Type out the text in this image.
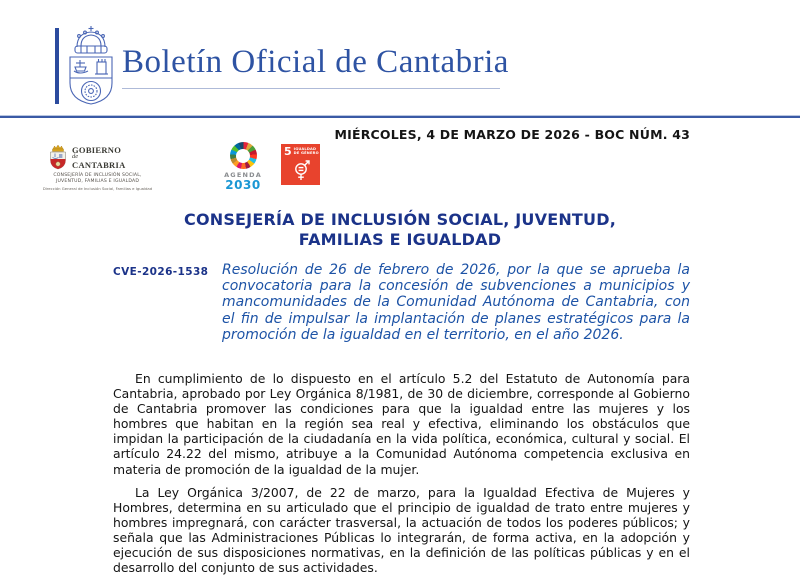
Boletín Oficial de Cantabria
GOBIERNO
de
CANTABRIA
CONSEJERÍA DE INCLUSIÓN SOCIAL,
JUVENTUD, FAMILIAS E IGUALDAD
Dirección General de Inclusión Social, Familias e Igualdad
AGENDA
2030
5 IGUALDAD
DE GÉNERO
MIÉRCOLES, 4 DE MARZO DE 2026 - BOC NÚM. 43
CONSEJERÍA DE INCLUSIÓN SOCIAL, JUVENTUD,
FAMILIAS E IGUALDAD
CVE-2026-1538 Resolución de 26 de febrero de 2026, por la que se aprueba la convocatoria para la concesión de subvenciones a municipios y mancomunidades de la Comunidad Autónoma de Cantabria, con el fin de impulsar la implantación de planes estratégicos para la promoción de la igualdad en el territorio, en el año 2026.

En cumplimiento de lo dispuesto en el artículo 5.2 del Estatuto de Autonomía para Cantabria, aprobado por Ley Orgánica 8/1981, de 30 de diciembre, corresponde al Gobierno de Cantabria promover las condiciones para que la igualdad entre las mujeres y los hombres que habitan en la región sea real y efectiva, eliminando los obstáculos que impidan la participación de la ciudadanía en la vida política, económica, cultural y social. El artículo 24.22 del mismo, atribuye a la Comunidad Autónoma competencia exclusiva en materia de promoción de la igualdad de la mujer.

La Ley Orgánica 3/2007, de 22 de marzo, para la Igualdad Efectiva de Mujeres y Hombres, determina en su articulado que el principio de igualdad de trato entre mujeres y hombres impregnará, con carácter trasversal, la actuación de todos los poderes públicos; y señala que las Administraciones Públicas lo integrarán, de forma activa, en la adopción y ejecución de sus disposiciones normativas, en la definición de las políticas públicas y en el desarrollo del conjunto de sus actividades.
